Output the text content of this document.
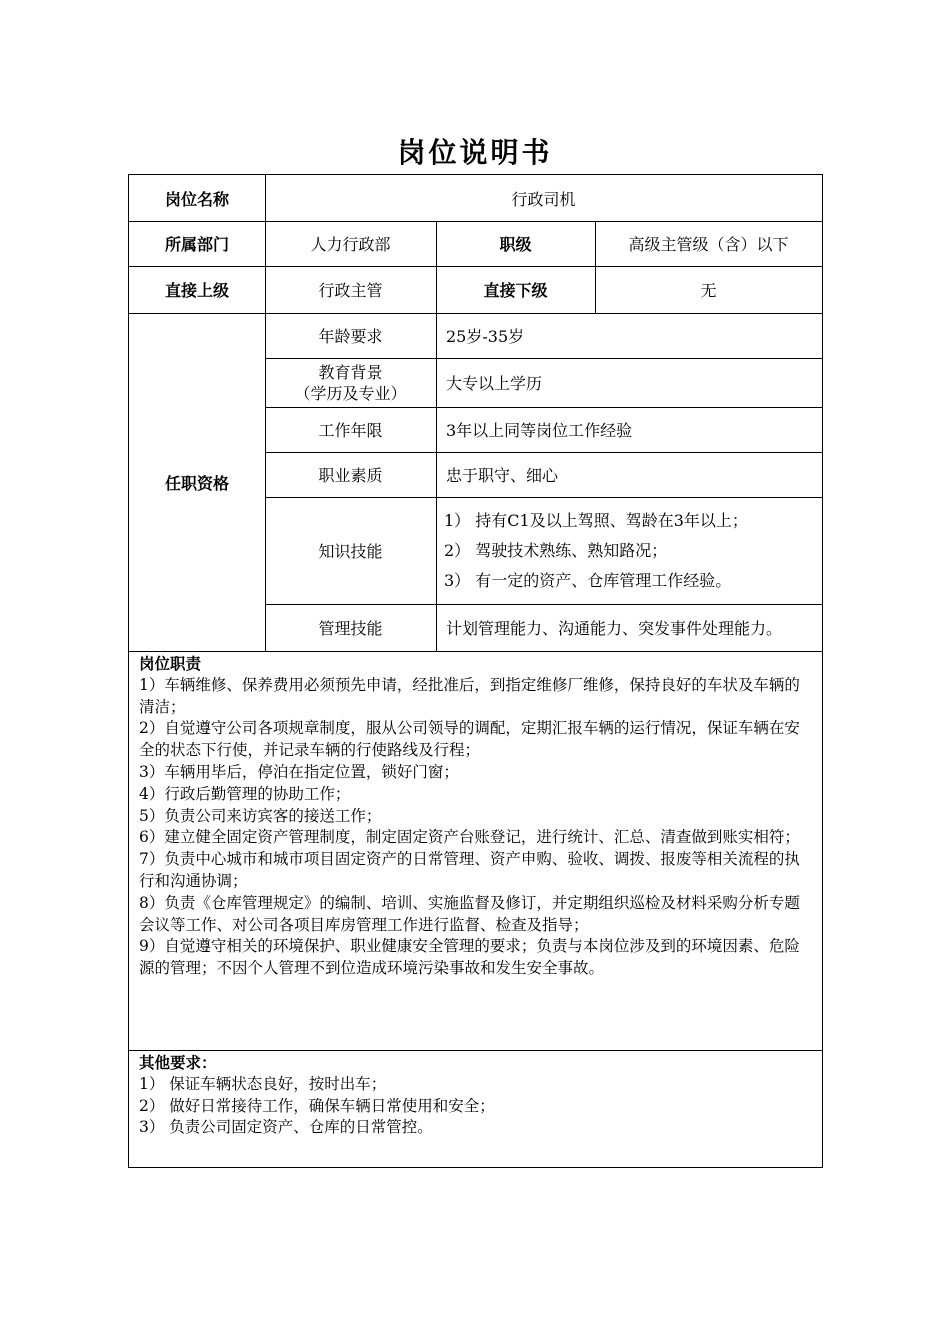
岗位说明书
岗位名称	行政司机
所属部门	人力行政部	职级	高级主管级（含）以下
直接上级	行政主管	直接下级	无
任职资格
年龄要求	25岁-35岁
教育背景
（学历及专业）	大专以上学历
工作年限	3年以上同等岗位工作经验
职业素质	忠于职守、细心
知识技能
1） 持有C1及以上驾照、驾龄在3年以上；
2） 驾驶技术熟练、熟知路况；
3） 有一定的资产、仓库管理工作经验。
管理技能	计划管理能力、沟通能力、突发事件处理能力。

岗位职责

1）车辆维修、保养费用必须预先申请，经批准后，到指定维修厂维修，保持良好的车状及车辆的清洁；

2）自觉遵守公司各项规章制度，服从公司领导的调配，定期汇报车辆的运行情况，保证车辆在安全的状态下行使，并记录车辆的行使路线及行程；

3）车辆用毕后，停泊在指定位置，锁好门窗；

4）行政后勤管理的协助工作；

5）负责公司来访宾客的接送工作；

6）建立健全固定资产管理制度，制定固定资产台账登记，进行统计、汇总、清查做到账实相符；

7）负责中心城市和城市项目固定资产的日常管理、资产申购、验收、调拨、报废等相关流程的执行和沟通协调；

8）负责《仓库管理规定》的编制、培训、实施监督及修订，并定期组织巡检及材料采购分析专题会议等工作、对公司各项目库房管理工作进行监督、检查及指导；

9）自觉遵守相关的环境保护、职业健康安全管理的要求；负责与本岗位涉及到的环境因素、危险源的管理；不因个人管理不到位造成环境污染事故和发生安全事故。

其他要求：

1） 保证车辆状态良好，按时出车；

2） 做好日常接待工作，确保车辆日常使用和安全；

3） 负责公司固定资产、仓库的日常管控。
